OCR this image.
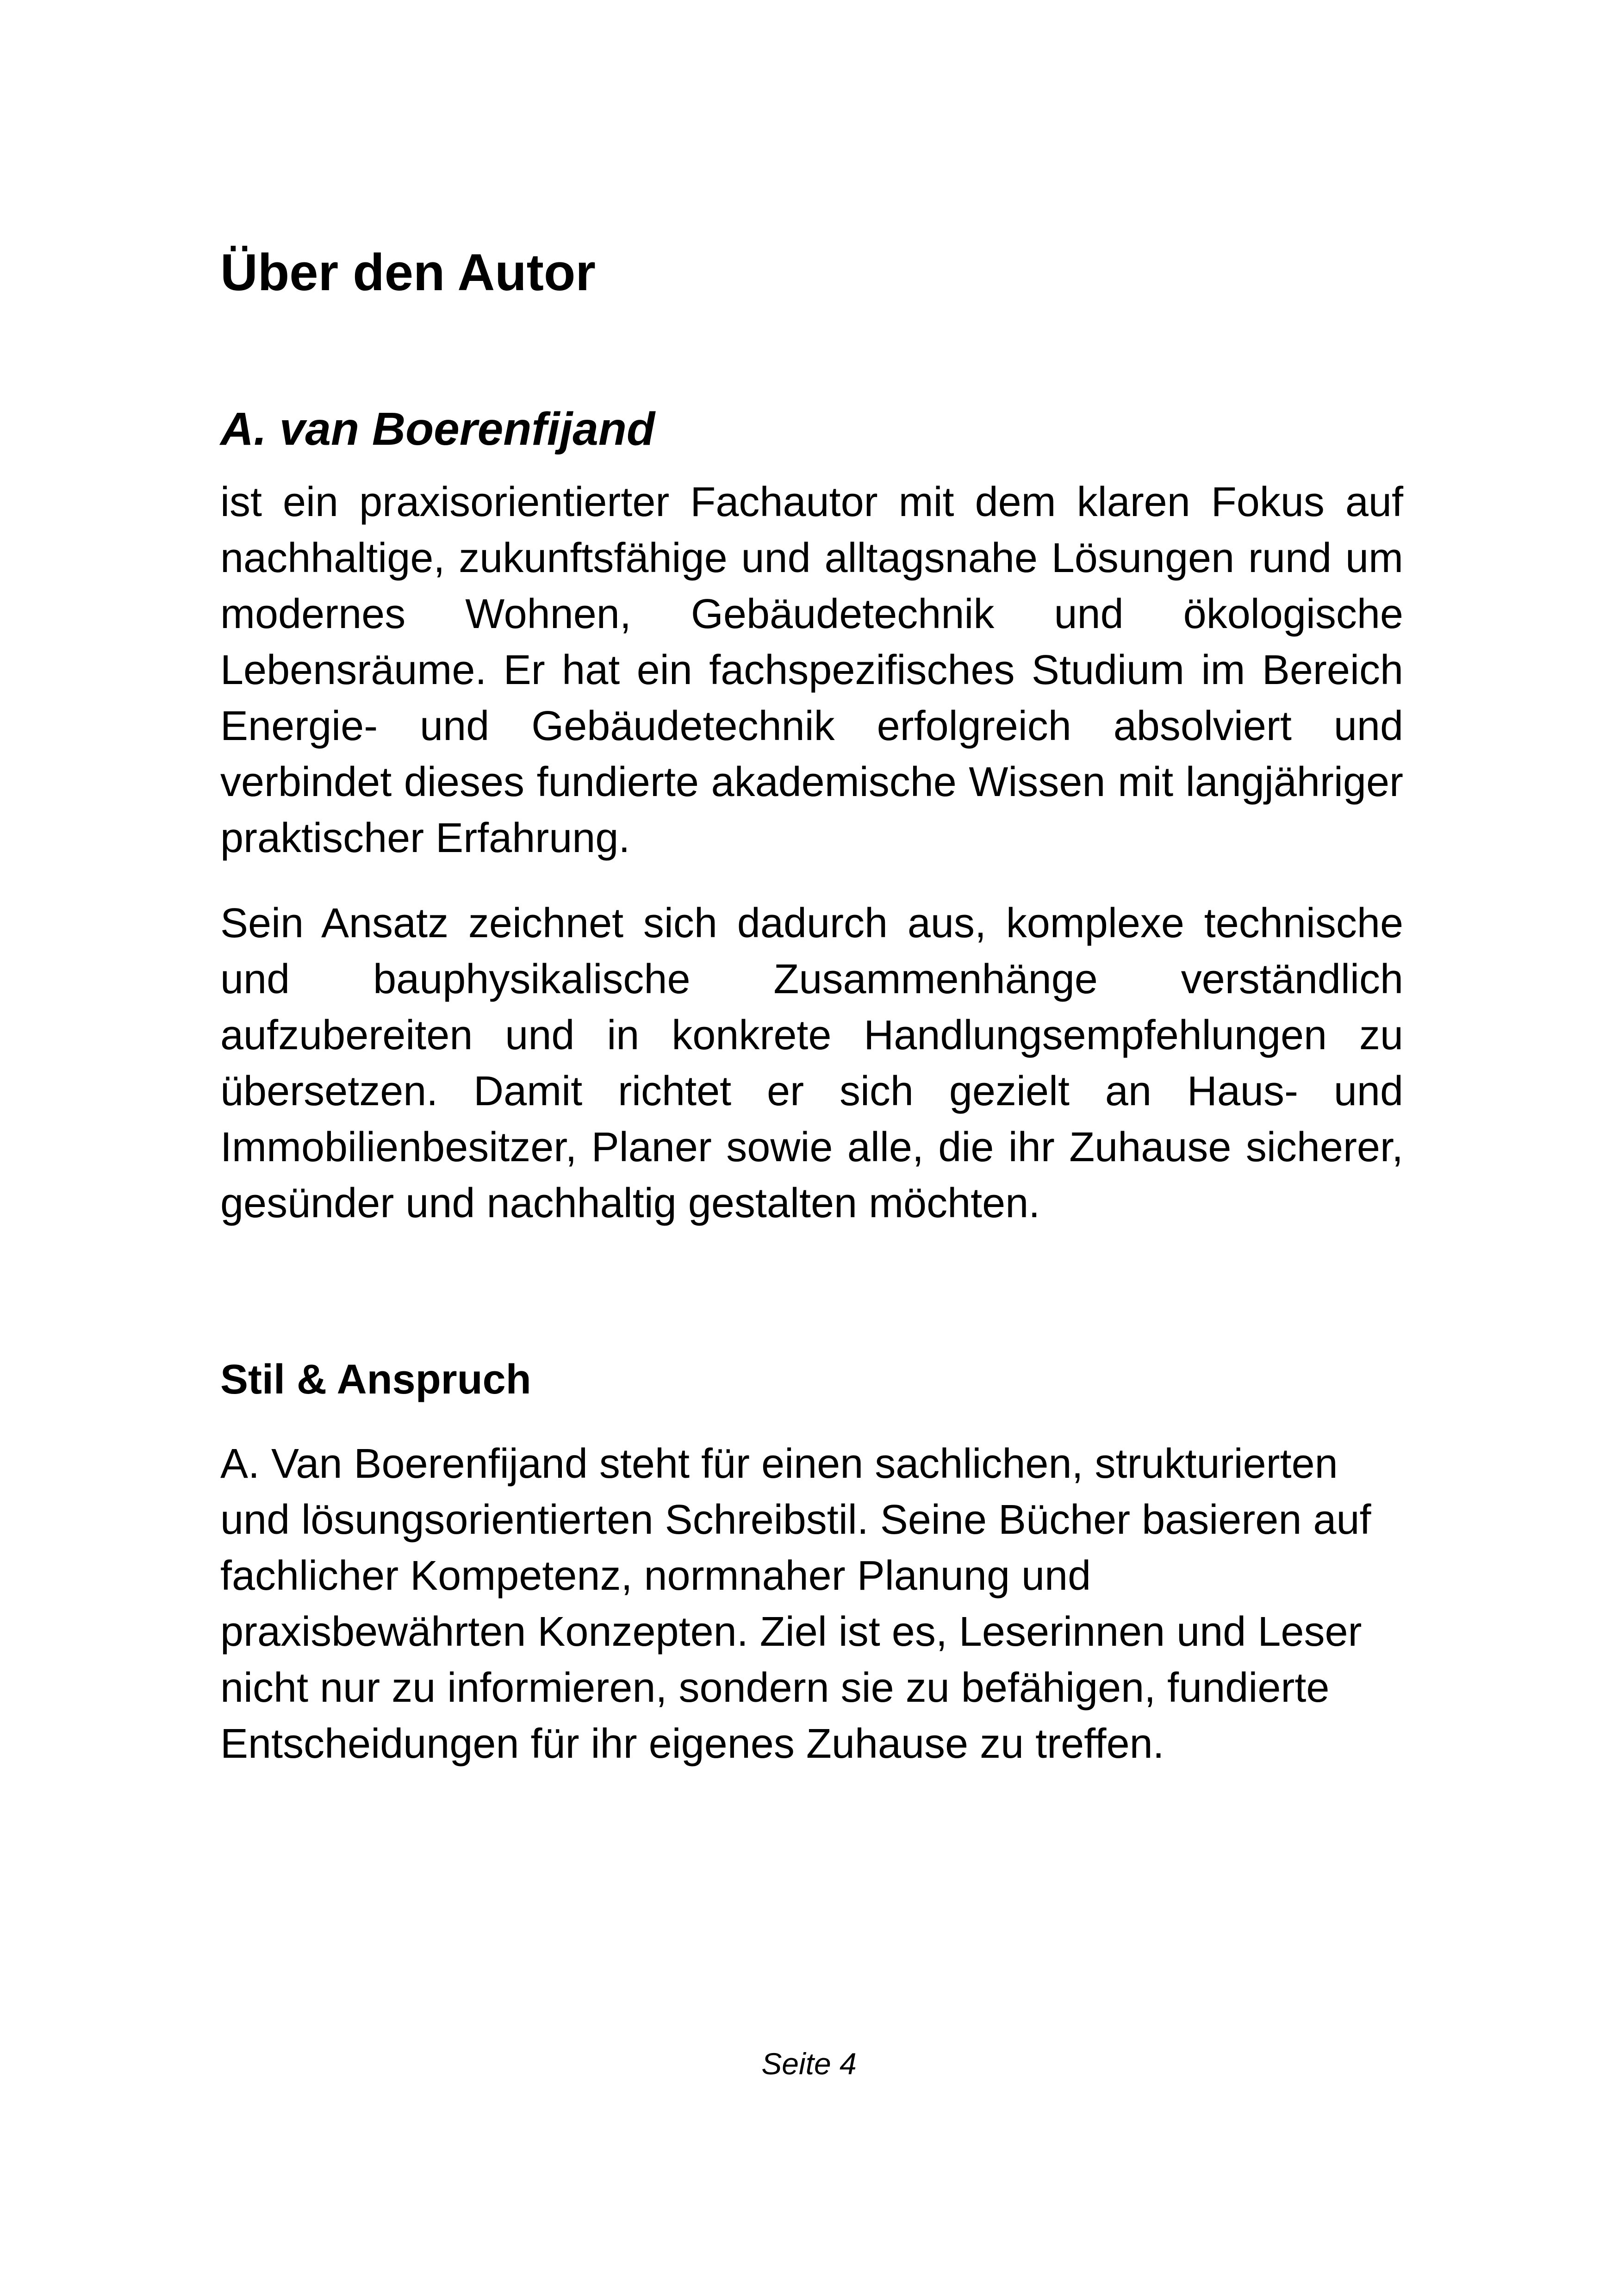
Über den Autor
A. van Boerenfijand

ist ein praxisorientierter Fachautor mit dem klaren Fokus auf nachhaltige, zukunftsfähige und alltagsnahe Lösungen rund um modernes Wohnen, Gebäudetechnik und ökologische Lebensräume. Er hat ein fachspezifisches Studium im Bereich Energie- und Gebäudetechnik erfolgreich absolviert und verbindet dieses fundierte akademische Wissen mit langjähriger praktischer Erfahrung.

Sein Ansatz zeichnet sich dadurch aus, komplexe technische und bauphysikalische Zusammenhänge verständlich aufzubereiten und in konkrete Handlungsempfehlungen zu übersetzen. Damit richtet er sich gezielt an Haus- und Immobilienbesitzer, Planer sowie alle, die ihr Zuhause sicherer, gesünder und nachhaltig gestalten möchten.

Stil & Anspruch

A. Van Boerenfijand steht für einen sachlichen, strukturierten und lösungsorientierten Schreibstil. Seine Bücher basieren auf fachlicher Kompetenz, normnaher Planung und praxisbewährten Konzepten. Ziel ist es, Leserinnen und Leser nicht nur zu informieren, sondern sie zu befähigen, fundierte Entscheidungen für ihr eigenes Zuhause zu treffen.

Seite 4
